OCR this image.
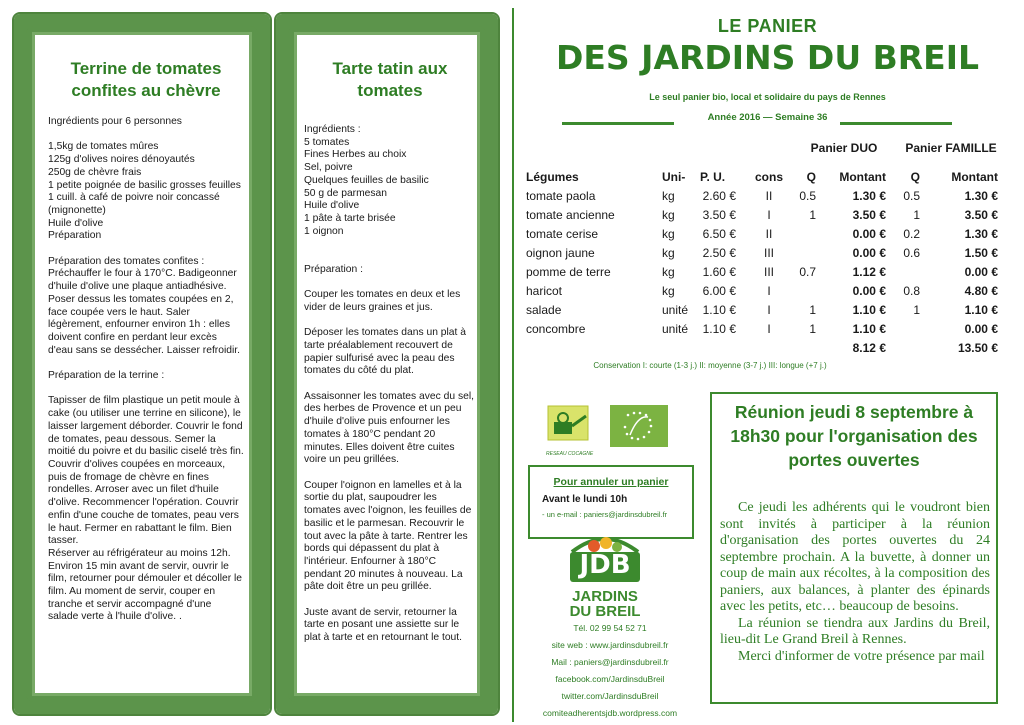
Terrine de tomates confites au chèvre
Ingrédients pour 6 personnes

1,5kg de tomates mûres
125g d'olives noires dénoyautés
250g de chèvre frais
1 petite poignée de basilic grosses feuilles
1 cuill. à café de poivre noir concassé (mignonette)
Huile d'olive
Préparation

Préparation des tomates confites :
Préchauffer le four à 170°C. Badigeonner d'huile d'olive une plaque antiadhésive. Poser dessus les tomates coupées en 2, face coupée vers le haut. Saler légèrement, enfourner environ 1h : elles doivent confire en perdant leur excès d'eau sans se dessécher. Laisser refroidir.

Préparation de la terrine :

Tapisser de film plastique un petit moule à cake (ou utiliser une terrine en silicone), le laisser largement déborder. Couvrir le fond de tomates, peau dessous. Semer la moitié du poivre et du basilic ciselé très fin. Couvrir d'olives coupées en morceaux, puis de fromage de chèvre en fines rondelles. Arroser avec un filet d'huile d'olive. Recommencer l'opération. Couvrir enfin d'une couche de tomates, peau vers le haut. Fermer en rabattant le film. Bien tasser.
Réserver au réfrigérateur au moins 12h. Environ 15 min avant de servir, ouvrir le film, retourner pour démouler et décoller le film. Au moment de servir, couper en tranche et servir accompagné d'une salade verte à l'huile d'olive. .
Tarte tatin aux tomates
Ingrédients :
5 tomates
Fines Herbes au choix
Sel, poivre
Quelques feuilles de basilic
50 g de parmesan
Huile d'olive
1 pâte à tarte brisée
1 oignon

Préparation :

Couper les tomates en deux et les vider de leurs graines et jus.

Déposer les tomates dans un plat à tarte préalablement recouvert de papier sulfurisé avec la peau des tomates du côté du plat.

Assaisonner les tomates avec du sel, des herbes de Provence et un peu d'huile d'olive puis enfourner les tomates à 180°C pendant 20 minutes. Elles doivent être cuites voire un peu grillées.

Couper l'oignon en lamelles et à la sortie du plat, saupoudrer les tomates avec l'oignon, les feuilles de basilic et le parmesan. Recouvrir le tout avec la pâte à tarte. Rentrer les bords qui dépassent du plat à l'intérieur. Enfourner à 180°C pendant 20 minutes à nouveau. La pâte doit être un peu grillée.

Juste avant de servir, retourner la tarte en posant une assiette sur le plat à tarte et en retournant le tout.
LE PANIER
DES JARDINS DU BREIL
Le seul panier bio, local et solidaire du pays de Rennes
Année 2016 — Semaine 36
				Panier DUO		Panier FAMILLE	

Légumes	Uni-	P. U.	cons	Q	Montant	Q	Montant
tomate paola	kg	2.60 €	II	0.5	1.30 €	0.5	1.30 €
tomate ancienne	kg	3.50 €	I	1	3.50 €	1	3.50 €
tomate cerise	kg	6.50 €	II		0.00 €	0.2	1.30 €
oignon jaune	kg	2.50 €	III		0.00 €	0.6	1.50 €
pomme de terre	kg	1.60 €	III	0.7	1.12 €		0.00 €
haricot	kg	6.00 €	I		0.00 €	0.8	4.80 €
salade	unité	1.10 €	I	1	1.10 €	1	1.10 €
concombre	unité	1.10 €	I	1	1.10 €		0.00 €
					8.12 €		13.50 €
Conservation I: courte (1-3 j.) II: moyenne (3-7 j.) III: longue (+7 j.)
RESEAU COCAGNE
Pour annuler un panier
Avant le lundi 10h
- un e-mail : paniers@jardinsdubreil.fr
JDB
JARDINS
DU BREIL
Tél. 02 99 54 52 71
site web : www.jardinsdubreil.fr
Mail : paniers@jardinsdubreil.fr
facebook.com/JardinsduBreil
twitter.com/JardinsduBreil
comiteadherentsjdb.wordpress.com
Réunion jeudi 8 septembre à 18h30 pour l'organisation des portes ouvertes

Ce jeudi les adhérents qui le voudront bien sont invités à participer à la réunion d'organisation des portes ouvertes du 24 septembre prochain. A la buvette, à donner un coup de main aux récoltes, à la composition des paniers, aux balances, à planter des épinards avec les petits, etc… beaucoup de besoins.

La réunion se tiendra aux Jardins du Breil, lieu-dit Le Grand Breil à Rennes.

Merci d'informer de votre présence par mail
